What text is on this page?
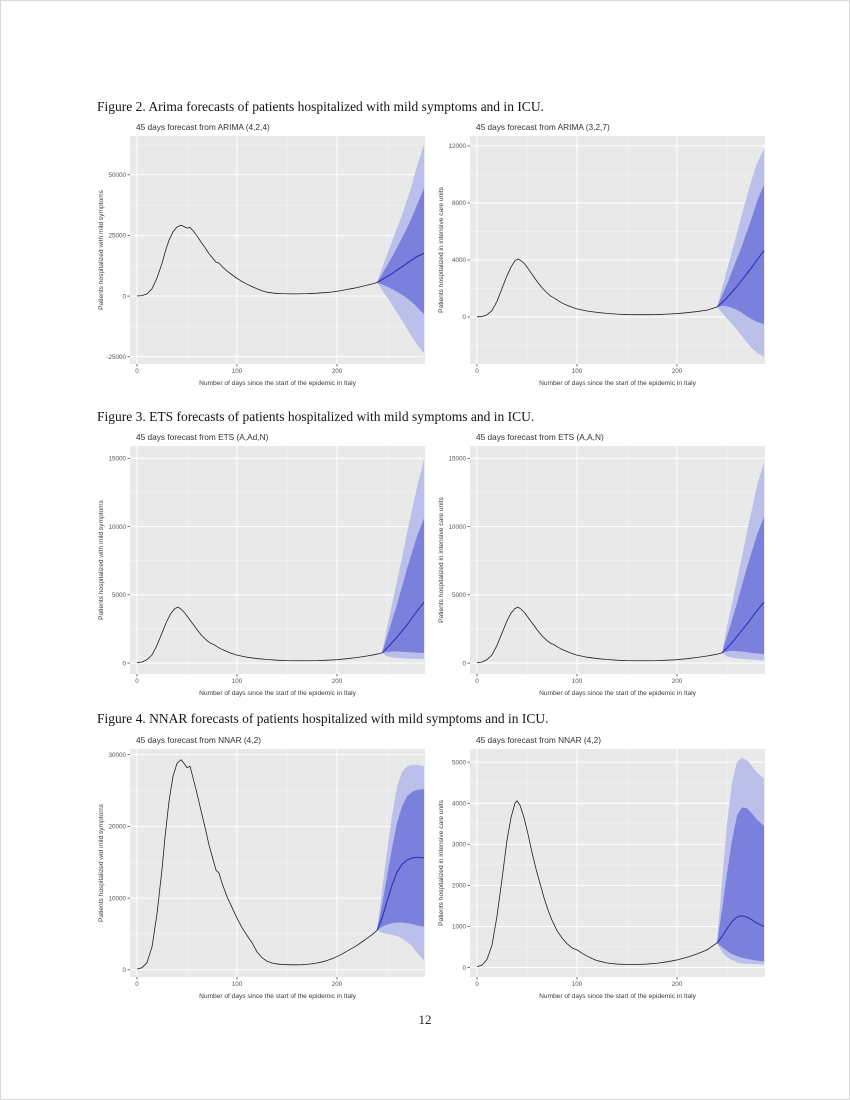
Figure 2. Arima forecasts of patients hospitalized with mild symptoms and in ICU.
Figure 3. ETS forecasts of patients hospitalized with mild symptoms and in ICU.
Figure 4. NNAR forecasts of patients hospitalized with mild symptoms and in ICU.
0	100	200
-25000
0
25000
50000
45 days forecast from ARIMA (4,2,4)
Number of days since the start of the epidemic in Italy
Patients hospitalized with mild symptoms
0	100	200
0
4000
8000
12000
45 days forecast from ARIMA (3,2,7)
Number of days since the start of the epidemic in Italy
Patients hospitalized in intensive care units
0	100	200
0
5000
10000
15000
45 days forecast from ETS (A,Ad,N)
Number of days since the start of the epidemic in Italy
Patients hospitalized with mild symptoms
0	100	200
0
5000
10000
15000
45 days forecast from ETS (A,A,N)
Number of days since the start of the epidemic in Italy
Patients hospitalized in intensive care units
0	100	200
0
10000
20000
30000
45 days forecast from NNAR (4,2)
Number of days since the start of the epidemic in Italy
Patients hospitalized wid mild symptoms
0	100	200
0
1000
2000
3000
4000
5000
45 days forecast from NNAR (4,2)
Number of days since the start of the epidemic in Italy
Patients hospitalized in intensive care units
12
